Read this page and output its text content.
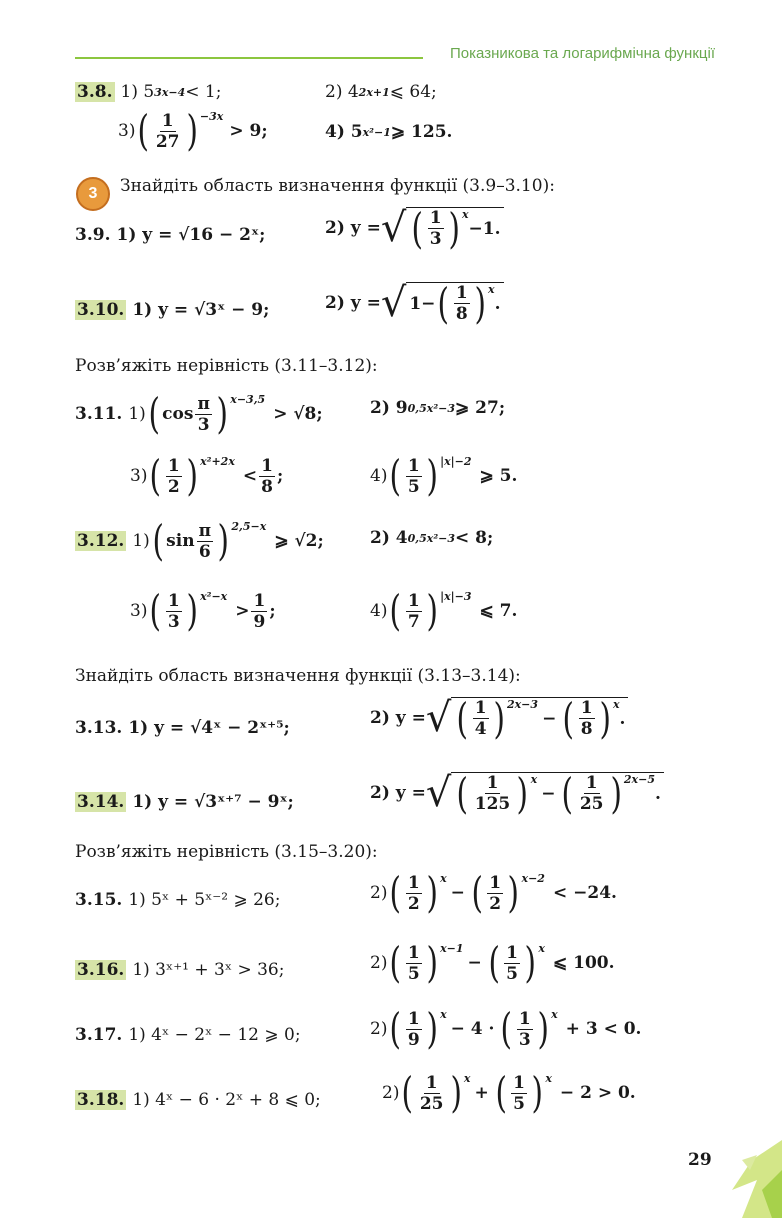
Показникова та логарифмічна функції
3.8. 1) 5 3x−4 < 1;	2) 4 2x+1 ⩽ 64;
3) ( $\frac{1}{27} )^{-3x}$
> 9;	4) 5 x²−1 ⩾ 125.
3	Знайдіть область визначення функції (3.9–3.10):
3.9. 1) y = √16 − 2ˣ;	2) y = √ ( $\frac{1}{3} )^x$
−1.
3.10. 1) y = √3ˣ − 9;	2) y = √ 1− ( $\frac{1}{8} )^x$
.
Розв’яжіть нерівність (3.11–3.12):
3.11. 1) ( $\cos \frac{\pi}{3} )^{x-3,5}$
> √8;	2) 9 0,5x²−3 ⩾ 27;
3) ( $\frac{1}{2} )^{x^2+2x}$
< $\frac{1}{8}$ ;	4) ( $\frac{1}{5} )^{|x|-2}$
⩾ 5.
3.12. 1) ( $\sin \frac{\pi}{6} )^{2,5-x}$
⩾ √2;	2) 4 0,5x²−3 < 8;
3) ( $\frac{1}{3} )^{x^2-x}$
> $\frac{1}{9}$ ;	4) ( $\frac{1}{7} )^{|x|-3}$
⩽ 7.
Знайдіть область визначення функції (3.13–3.14):
3.13. 1) y = √4ˣ − 2ˣ⁺⁵;	2) y = √ ( $\frac{1}{4} )^{2x-3}$
− ( $\frac{1}{8} )^x$
.
3.14. 1) y = √3ˣ⁺⁷ − 9ˣ;	2) y = √ ( $\frac{1}{125} )^x$
− ( $\frac{1}{25} )^{2x-5}$
.
Розв’яжіть нерівність (3.15–3.20):
3.15. 1) 5ˣ + 5ˣ⁻² ⩾ 26;	2) ( $\frac{1}{2} )^x$
− ( $\frac{1}{2} )^{x-2}$
< −24.
3.16. 1) 3ˣ⁺¹ + 3ˣ > 36;	2) ( $\frac{1}{5} )^{x-1}$
− ( $\frac{1}{5} )^x$
⩽ 100.
3.17. 1) 4ˣ − 2ˣ − 12 ⩾ 0;	2) ( $\frac{1}{9} )^x$
− 4 · ( $\frac{1}{3} )^x$
+ 3 < 0.
3.18. 1) 4ˣ − 6 · 2ˣ + 8 ⩽ 0;	2) ( $\frac{1}{25} )^x$
+ ( $\frac{1}{5} )^x$
− 2 > 0.
29
